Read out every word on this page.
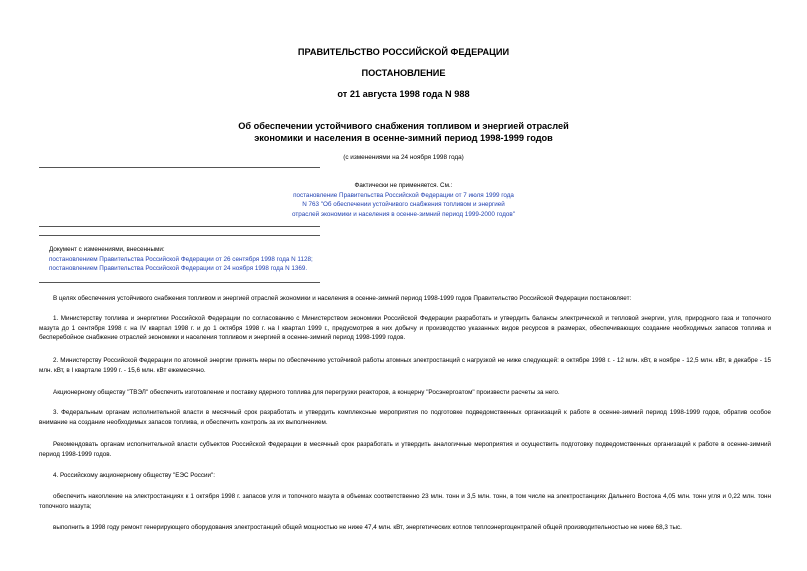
ПРАВИТЕЛЬСТВО РОССИЙСКОЙ ФЕДЕРАЦИИ
ПОСТАНОВЛЕНИЕ
от 21 августа 1998 года N 988
Об обеспечении устойчивого снабжения топливом и энергией отраслей
экономики и населения в осенне-зимний период 1998-1999 годов
(с изменениями на 24 ноября 1998 года)
Фактически не применяется. См.:
постановление Правительства Российской Федерации от 7 июля 1999 года
N 763 "Об обеспечении устойчивого снабжения топливом и энергией
отраслей экономики и населения в осенне-зимний период 1999-2000 годов"
Документ с изменениями, внесенными:
постановлением Правительства Российской Федерации от 26 сентября 1998 года N 1128;
постановлением Правительства Российской Федерации от 24 ноября 1998 года N 1369.

В целях обеспечения устойчивого снабжения топливом и энергией отраслей экономики и населения в осенне-зимний период 1998-1999 годов Правительство Российской Федерации постановляет:

1. Министерству топлива и энергетики Российской Федерации по согласованию с Министерством экономики Российской Федерации разработать и утвердить балансы электрической и тепловой энергии, угля, природного газа и топочного мазута до 1 сентября 1998 г. на IV квартал 1998 г. и до 1 октября 1998 г. на I квартал 1999 г., предусмотрев в них добычу и производство указанных видов ресурсов в размерах, обеспечивающих создание необходимых запасов топлива и бесперебойное снабжение отраслей экономики и населения топливом и энергией в осенне-зимний период 1998-1999 годов.

2. Министерству Российской Федерации по атомной энергии принять меры по обеспечению устойчивой работы атомных электростанций с нагрузкой не ниже следующей: в октябре 1998 г. - 12 млн. кВт, в ноябре - 12,5 млн. кВт, в декабре - 15 млн. кВт, в I квартале 1999 г. - 15,6 млн. кВт ежемесячно.

Акционерному обществу "ТВЭЛ" обеспечить изготовление и поставку ядерного топлива для перегрузки реакторов, а концерну "Росэнергоатом" произвести расчеты за него.

3. Федеральным органам исполнительной власти в месячный срок разработать и утвердить комплексные мероприятия по подготовке подведомственных организаций к работе в осенне-зимний период 1998-1999 годов, обратив особое внимание на создание необходимых запасов топлива, и обеспечить контроль за их выполнением.

Рекомендовать органам исполнительной власти субъектов Российской Федерации в месячный срок разработать и утвердить аналогичные мероприятия и осуществить подготовку подведомственных организаций к работе в осенне-зимний период 1998-1999 годов.

4. Российскому акционерному обществу "ЕЭС России":

обеспечить накопление на электростанциях к 1 октября 1998 г. запасов угля и топочного мазута в объемах соответственно 23 млн. тонн и 3,5 млн. тонн, в том числе на электростанциях Дальнего Востока 4,05 млн. тонн угля и 0,22 млн. тонн топочного мазута;

выполнить в 1998 году ремонт генерирующего оборудования электростанций общей мощностью не ниже 47,4 млн. кВт, энергетических котлов теплоэнергоцентралей общей производительностью не ниже 68,3 тыс.
